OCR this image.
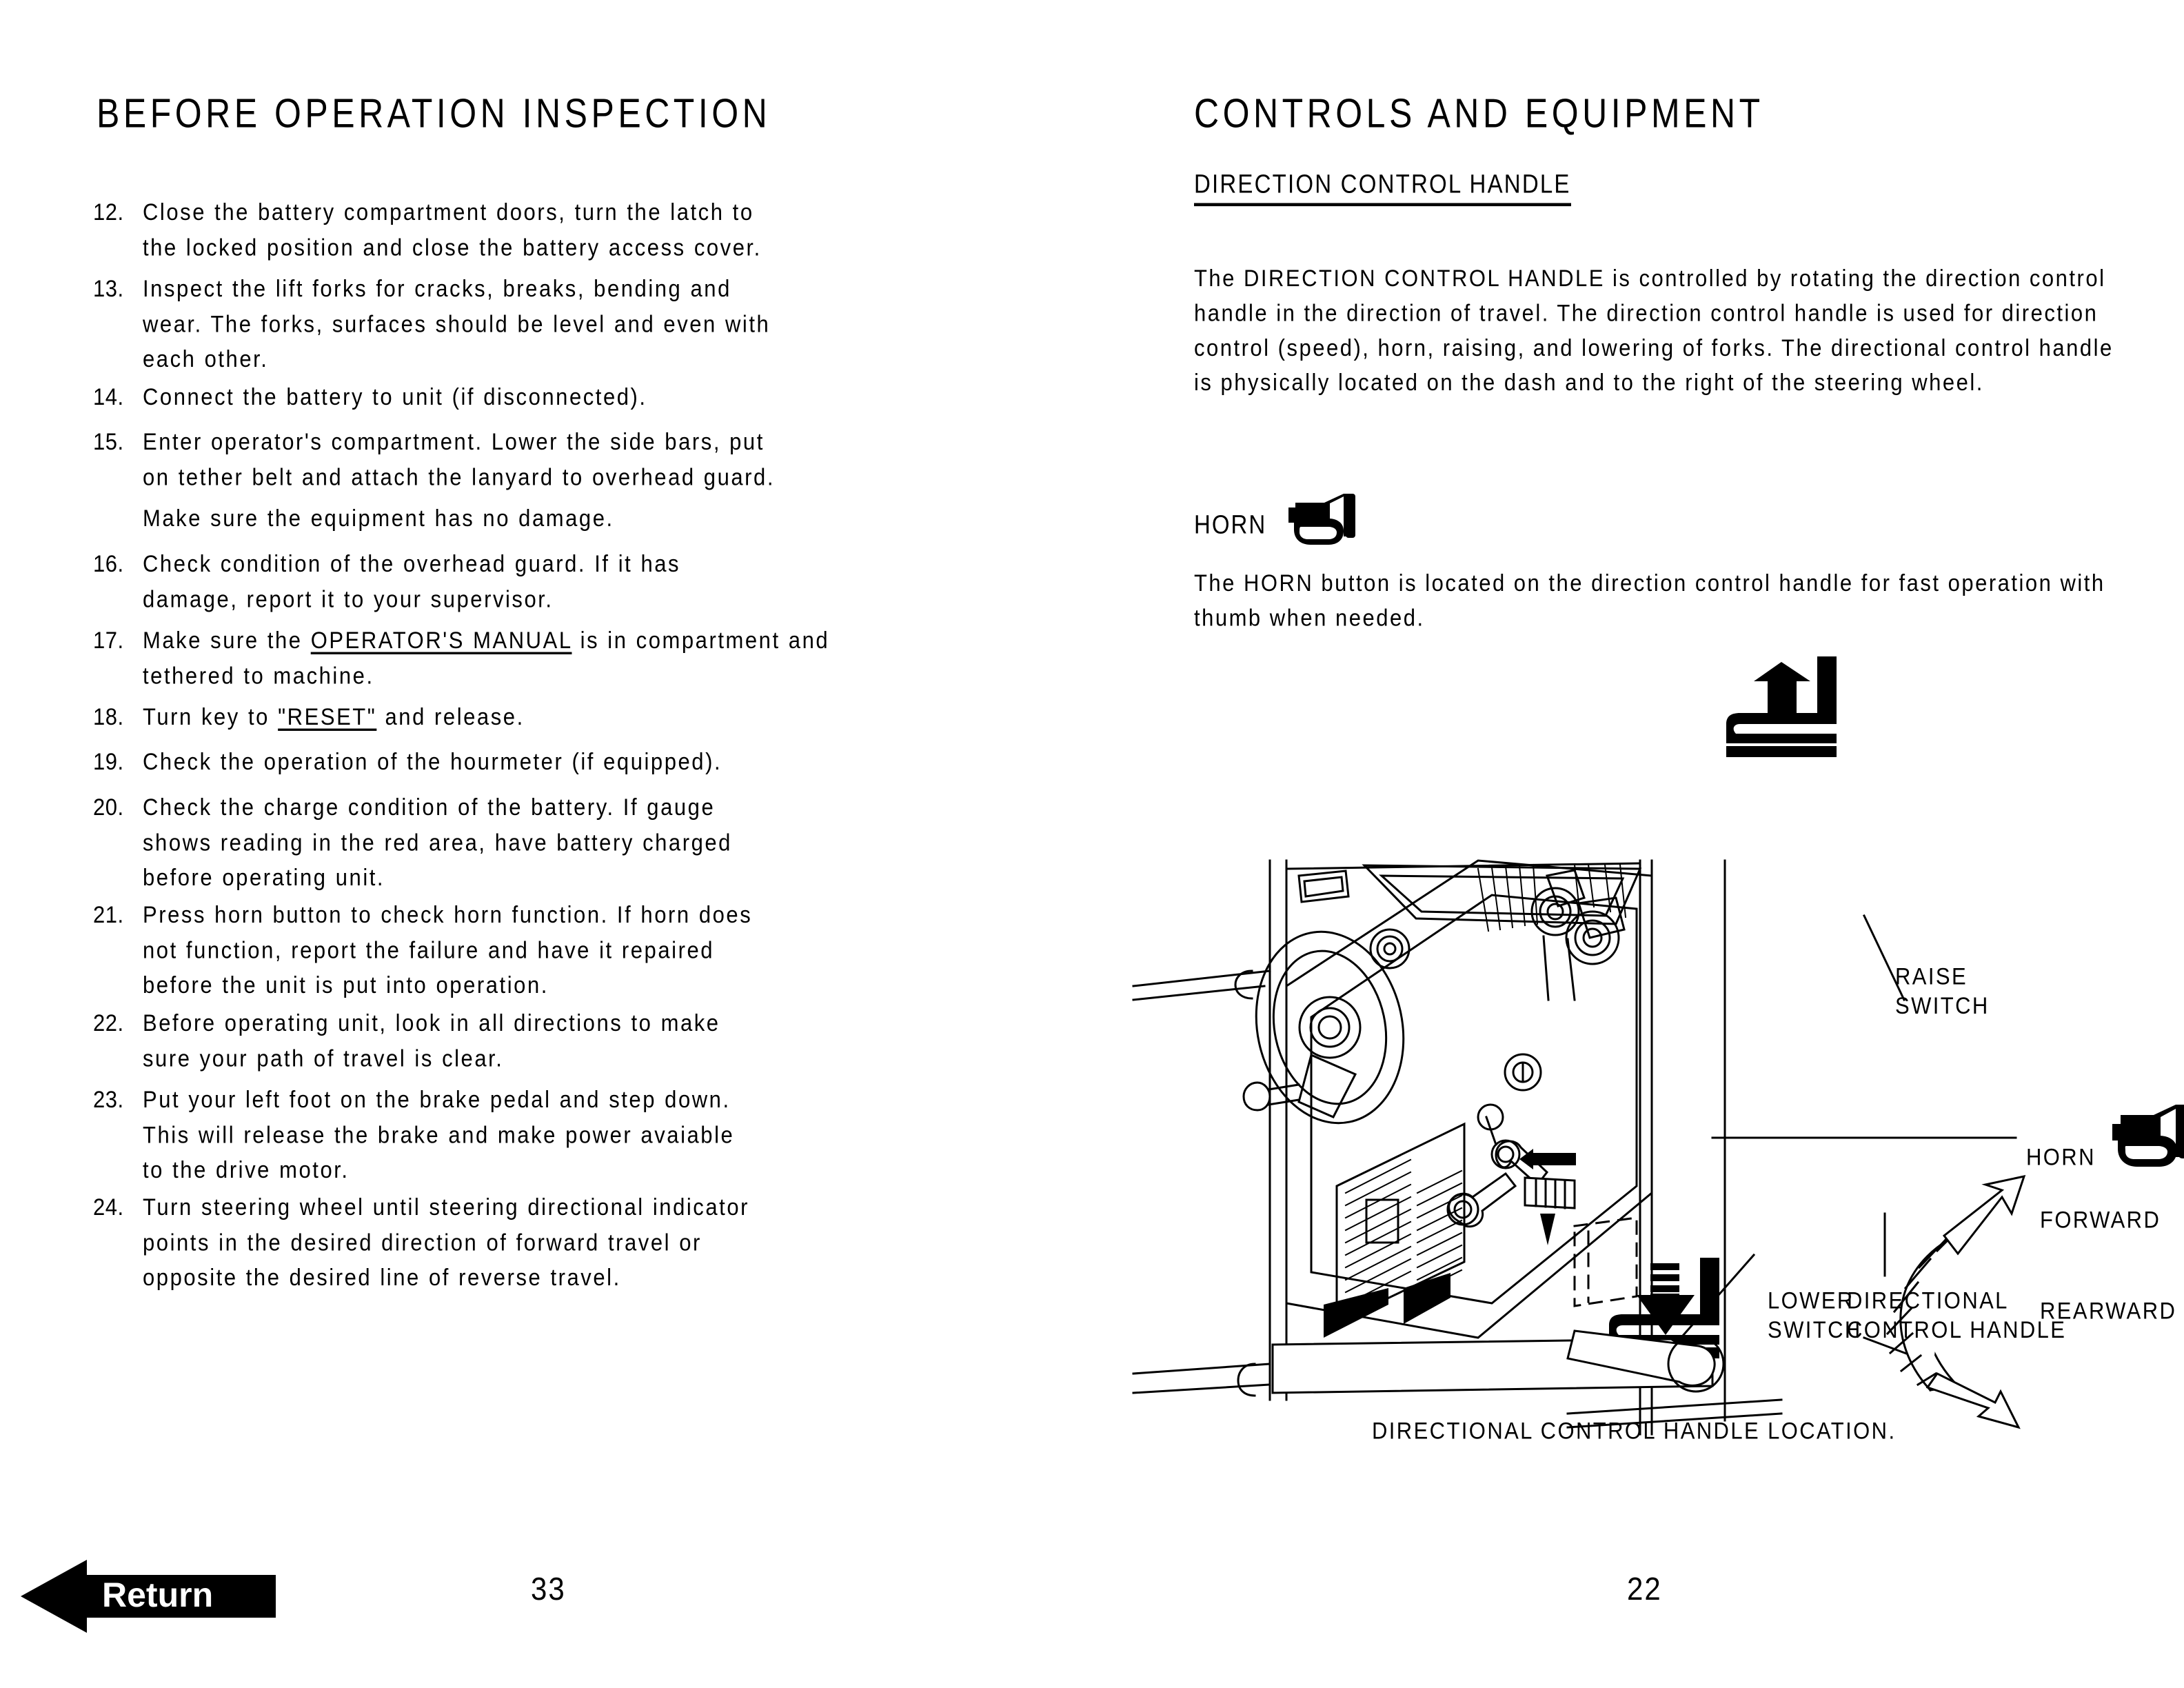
BEFORE OPERATION INSPECTION
12. Close the battery compartment doors, turn the latch to
the locked position and close the battery access cover.
13. Inspect the lift forks for cracks, breaks, bending and
wear. The forks, surfaces should be level and even with
each other.
14. Connect the battery to unit (if disconnected).
15. Enter operator's compartment. Lower the side bars, put
on tether belt and attach the lanyard to overhead guard.
Make sure the equipment has no damage.
16. Check condition of the overhead guard. If it has
damage, report it to your supervisor.
17. Make sure the OPERATOR'S MANUAL is in compartment and
tethered to machine.
18. Turn key to "RESET" and release.
19. Check the operation of the hourmeter (if equipped).
20. Check the charge condition of the battery. If gauge
shows reading in the red area, have battery charged
before operating unit.
21. Press horn button to check horn function. If horn does
not function, report the failure and have it repaired
before the unit is put into operation.
22. Before operating unit, look in all directions to make
sure your path of travel is clear.
23. Put your left foot on the brake pedal and step down.
This will release the brake and make power avaiable
to the drive motor.
24. Turn steering wheel until steering directional indicator
points in the desired direction of forward travel or
opposite the desired line of reverse travel.
CONTROLS AND EQUIPMENT
DIRECTION CONTROL HANDLE
The DIRECTION CONTROL HANDLE is controlled by rotating the direction control handle in the direction of travel. The direction control handle is used for direction control (speed), horn, raising, and lowering of forks. The directional control handle is physically located on the dash and to the right of the steering wheel.
HORN
The HORN button is located on the direction control handle for fast operation with thumb when needed.
RAISE
SWITCH
HORN
FORWARD
REARWARD
LOWER
SWITCH
DIRECTIONAL
CONTROL HANDLE
DIRECTIONAL CONTROL HANDLE LOCATION.
Return	33	22
